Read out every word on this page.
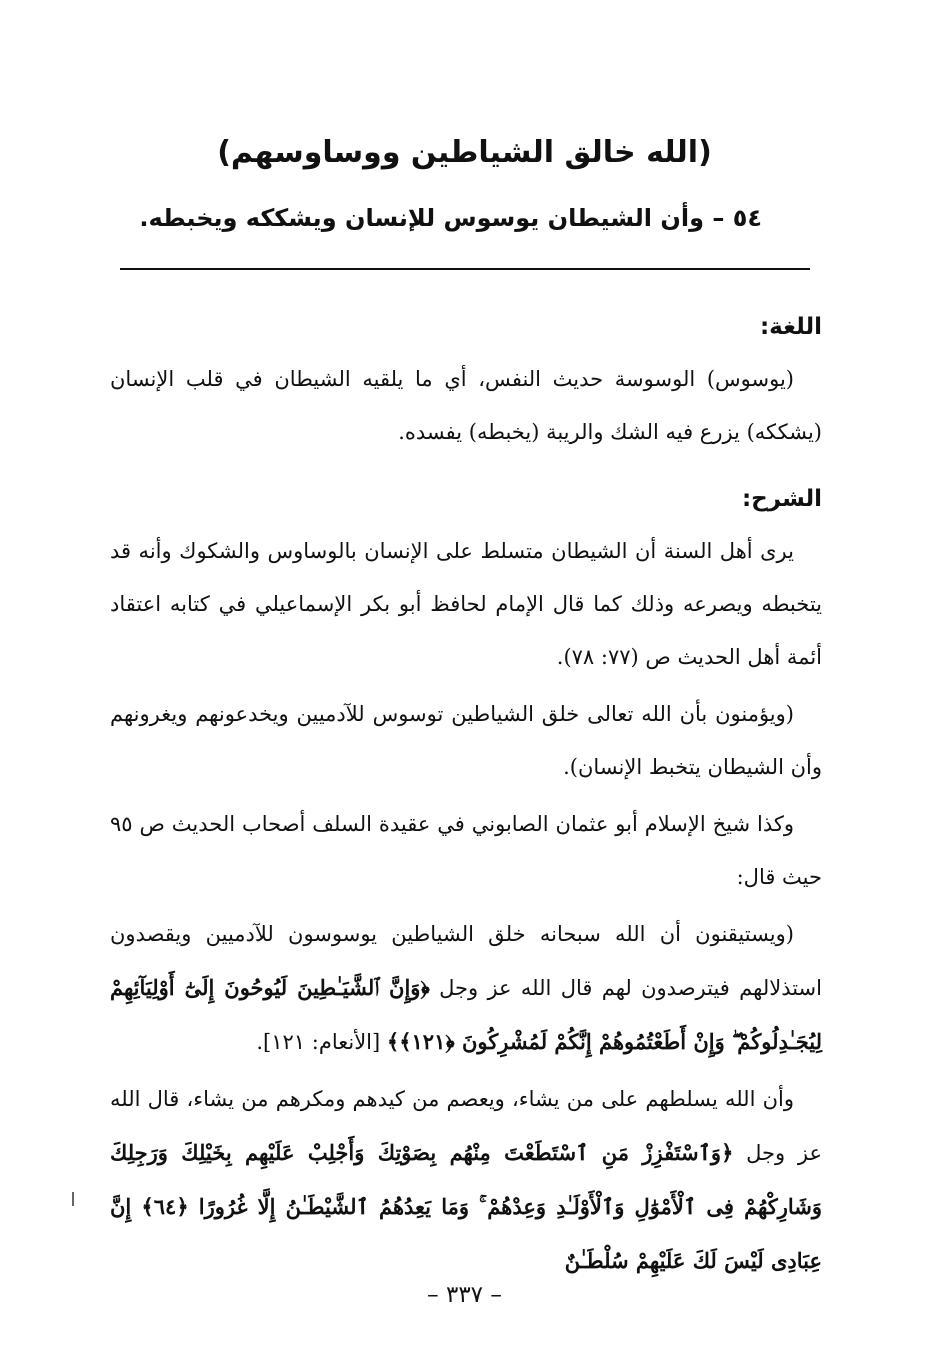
(الله خالق الشياطين ووساوسهم)
٥٤ – وأن الشيطان يوسوس للإنسان ويشككه ويخبطه.
اللغة:

(يوسوس) الوسوسة حديث النفس، أي ما يلقيه الشيطان في قلب الإنسان (يشككه) يزرع فيه الشك والريبة (يخبطه) يفسده.

الشرح:

يرى أهل السنة أن الشيطان متسلط على الإنسان بالوساوس والشكوك وأنه قد يتخبطه ويصرعه وذلك كما قال الإمام لحافظ أبو بكر الإسماعيلي في كتابه اعتقاد أئمة أهل الحديث ص (٧٧: ٧٨).

(ويؤمنون بأن الله تعالى خلق الشياطين توسوس للآدميين ويخدعونهم ويغرونهم وأن الشيطان يتخبط الإنسان).

وكذا شيخ الإسلام أبو عثمان الصابوني في عقيدة السلف أصحاب الحديث ص ٩٥ حيث قال:

(ويستيقنون أن الله سبحانه خلق الشياطين يوسوسون للآدميين ويقصدون استذلالهم فيترصدون لهم قال الله عز وجل ﴿وَإِنَّ ٱلشَّيَـٰطِينَ لَيُوحُونَ إِلَىٰٓ أَوْلِيَآئِهِمْ لِيُجَـٰدِلُوكُمْ ۖ وَإِنْ أَطَعْتُمُوهُمْ إِنَّكُمْ لَمُشْرِكُونَ ﴿١٢١﴾﴾ [الأنعام: ١٢١].

وأن الله يسلطهم على من يشاء، ويعصم من كيدهم ومكرهم من يشاء، قال الله عز وجل ﴿وَٱسْتَفْزِزْ مَنِ ٱسْتَطَعْتَ مِنْهُم بِصَوْتِكَ وَأَجْلِبْ عَلَيْهِم بِخَيْلِكَ وَرَجِلِكَ وَشَارِكْهُمْ فِى ٱلْأَمْوَٰلِ وَٱلْأَوْلَـٰدِ وَعِدْهُمْ ۚ وَمَا يَعِدُهُمُ ٱلشَّيْطَـٰنُ إِلَّا غُرُورًا ﴿٦٤﴾ إِنَّ عِبَادِى لَيْسَ لَكَ عَلَيْهِمْ سُلْطَـٰنٌ

– ٣٣٧ –
